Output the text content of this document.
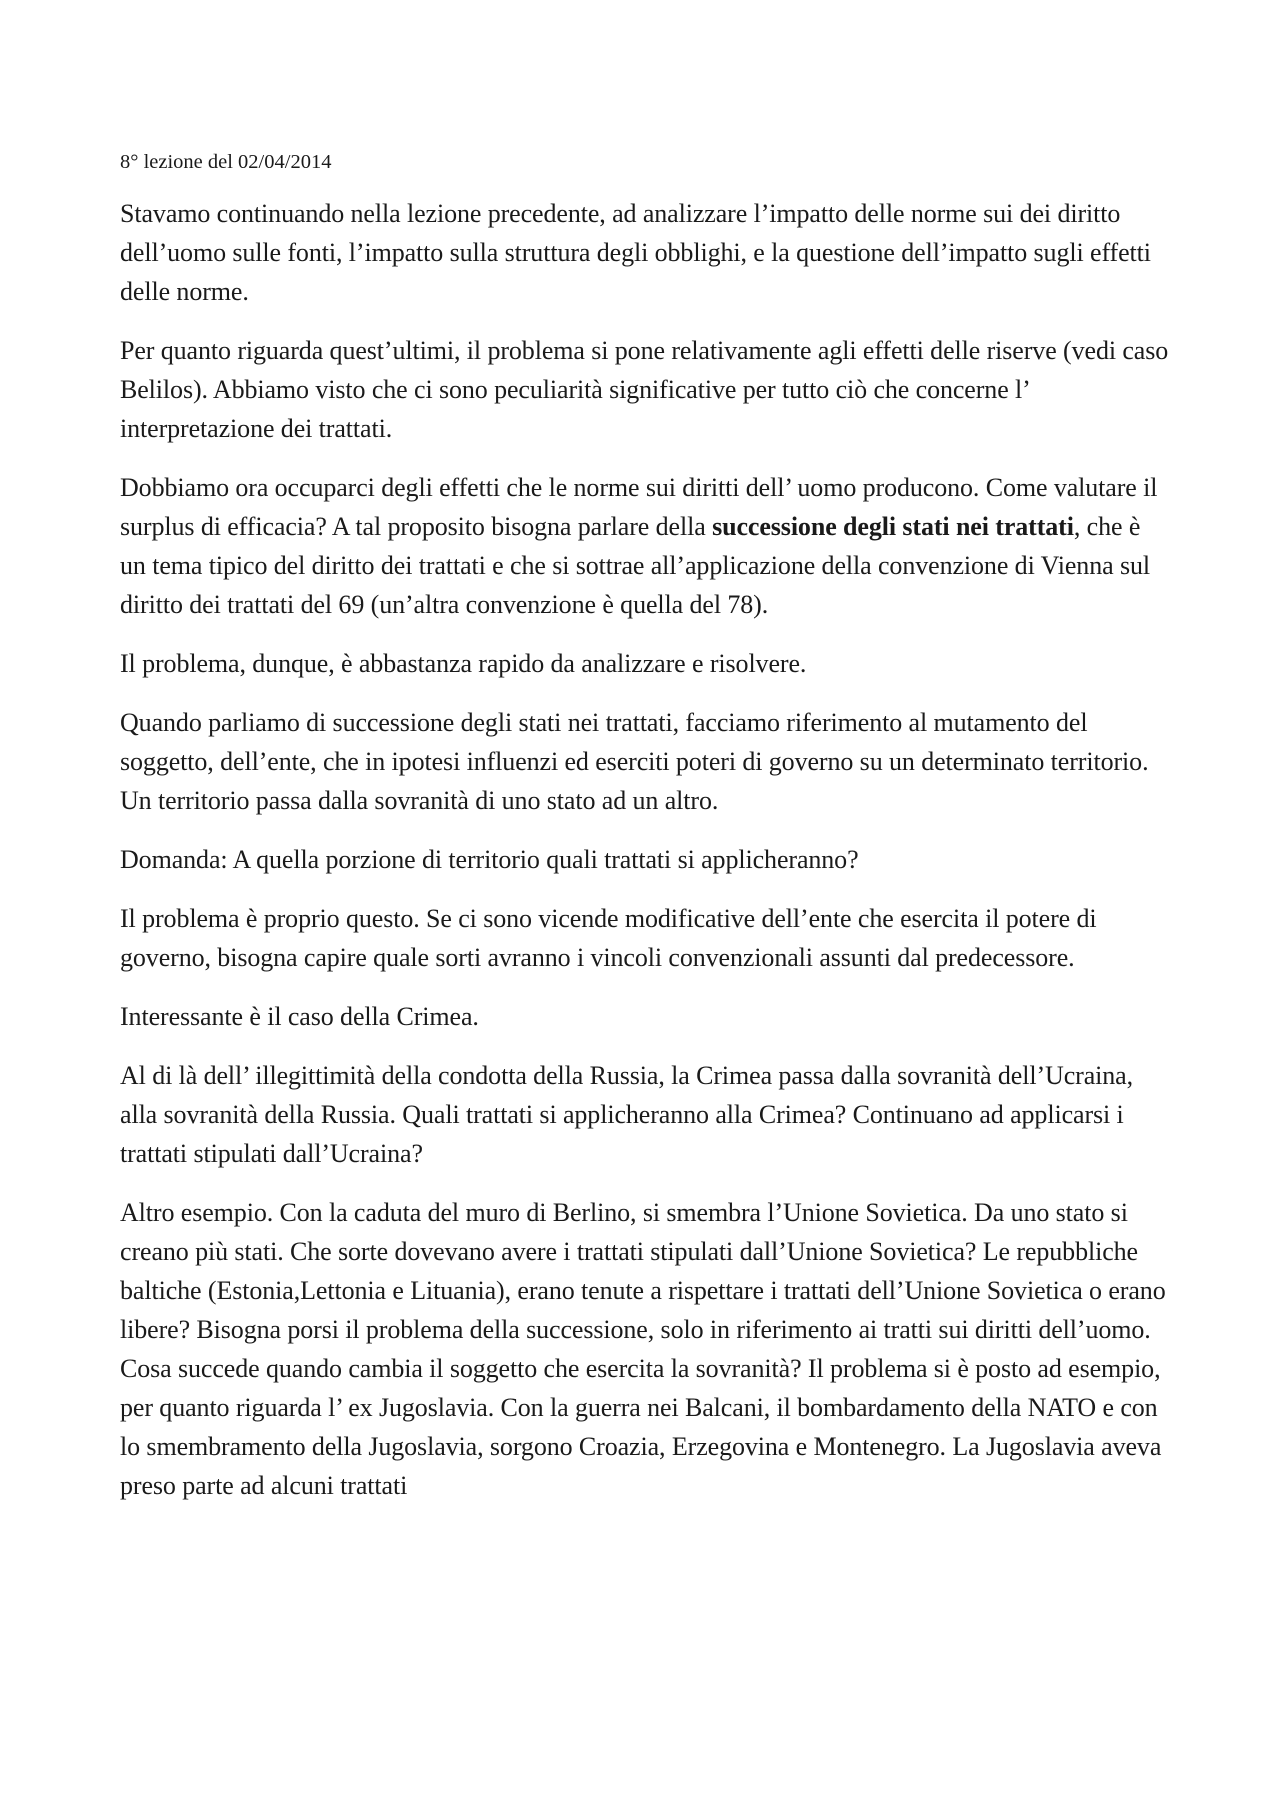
8° lezione del 02/04/2014

Stavamo continuando nella lezione precedente, ad analizzare l’impatto delle norme sui dei diritto dell’uomo sulle fonti, l’impatto sulla struttura degli obblighi, e la questione dell’impatto sugli effetti delle norme.

Per quanto riguarda quest’ultimi, il problema si pone relativamente agli effetti delle riserve (vedi caso Belilos). Abbiamo visto che ci sono peculiarità significative per tutto ciò che concerne l’ interpretazione dei trattati.

Dobbiamo ora occuparci degli effetti che le norme sui diritti dell’ uomo producono. Come valutare il surplus di efficacia? A tal proposito bisogna parlare della successione degli stati nei trattati, che è un tema tipico del diritto dei trattati e che si sottrae all’applicazione della convenzione di Vienna sul diritto dei trattati del 69 (un’altra convenzione è quella del 78).

Il problema, dunque, è abbastanza rapido da analizzare e risolvere.

Quando parliamo di successione degli stati nei trattati, facciamo riferimento al mutamento del soggetto, dell’ente, che in ipotesi influenzi ed eserciti poteri di governo su un determinato territorio. Un territorio passa dalla sovranità di uno stato ad un altro.

Domanda: A quella porzione di territorio quali trattati si applicheranno?

Il problema è proprio questo. Se ci sono vicende modificative dell’ente che esercita il potere di governo, bisogna capire quale sorti avranno i vincoli convenzionali assunti dal predecessore.

Interessante è il caso della Crimea.

Al di là dell’ illegittimità della condotta della Russia, la Crimea passa dalla sovranità dell’Ucraina, alla sovranità della Russia. Quali trattati si applicheranno alla Crimea? Continuano ad applicarsi i trattati stipulati dall’Ucraina?

Altro esempio. Con la caduta del muro di Berlino, si smembra l’Unione Sovietica. Da uno stato si creano più stati. Che sorte dovevano avere i trattati stipulati dall’Unione Sovietica? Le repubbliche baltiche (Estonia,Lettonia e Lituania), erano tenute a rispettare i trattati dell’Unione Sovietica o erano libere? Bisogna porsi il problema della successione, solo in riferimento ai tratti sui diritti dell’uomo. Cosa succede quando cambia il soggetto che esercita la sovranità? Il problema si è posto ad esempio, per quanto riguarda l’ ex Jugoslavia. Con la guerra nei Balcani, il bombardamento della NATO e con lo smembramento della Jugoslavia, sorgono Croazia, Erzegovina e Montenegro. La Jugoslavia aveva preso parte ad alcuni trattati
